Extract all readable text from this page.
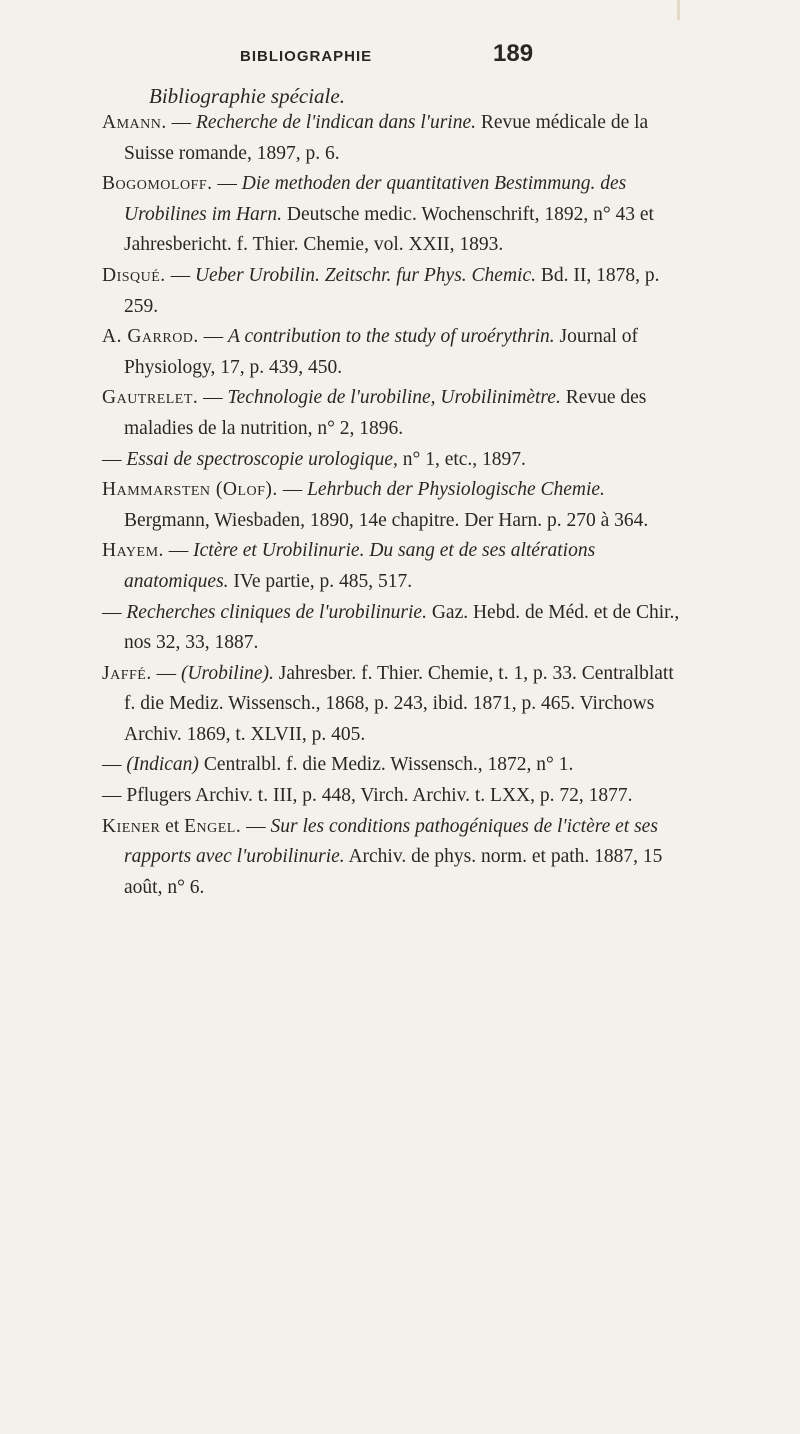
BIBLIOGRAPHIE	189
Bibliographie spéciale.

Amann. — Recherche de l'indican dans l'urine. Revue médicale de la Suisse romande, 1897, p. 6.

Bogomoloff. — Die methoden der quantitativen Bestimmung. des Urobilines im Harn. Deutsche medic. Wochenschrift, 1892, n° 43 et Jahresbericht. f. Thier. Chemie, vol. XXII, 1893.

Disqué. — Ueber Urobilin. Zeitschr. fur Phys. Chemic. Bd. II, 1878, p. 259.

A. Garrod. — A contribution to the study of uroérythrin. Journal of Physiology, 17, p. 439, 450.

Gautrelet. — Technologie de l'urobiline, Urobilinimètre. Revue des maladies de la nutrition, n° 2, 1896.

— Essai de spectroscopie urologique, n° 1, etc., 1897.

Hammarsten (Olof). — Lehrbuch der Physiologische Chemie. Bergmann, Wiesbaden, 1890, 14e chapitre. Der Harn. p. 270 à 364.

Hayem. — Ictère et Urobilinurie. Du sang et de ses altérations anatomiques. IVe partie, p. 485, 517.

— Recherches cliniques de l'urobilinurie. Gaz. Hebd. de Méd. et de Chir., nos 32, 33, 1887.

Jaffé. — (Urobiline). Jahresber. f. Thier. Chemie, t. 1, p. 33. Centralblatt f. die Mediz. Wissensch., 1868, p. 243, ibid. 1871, p. 465. Virchows Archiv. 1869, t. XLVII, p. 405.

— (Indican) Centralbl. f. die Mediz. Wissensch., 1872, n° 1.

— Pflugers Archiv. t. III, p. 448, Virch. Archiv. t. LXX, p. 72, 1877.

Kiener et Engel. — Sur les conditions pathogéniques de l'ictère et ses rapports avec l'urobilinurie. Archiv. de phys. norm. et path. 1887, 15 août, n° 6.
